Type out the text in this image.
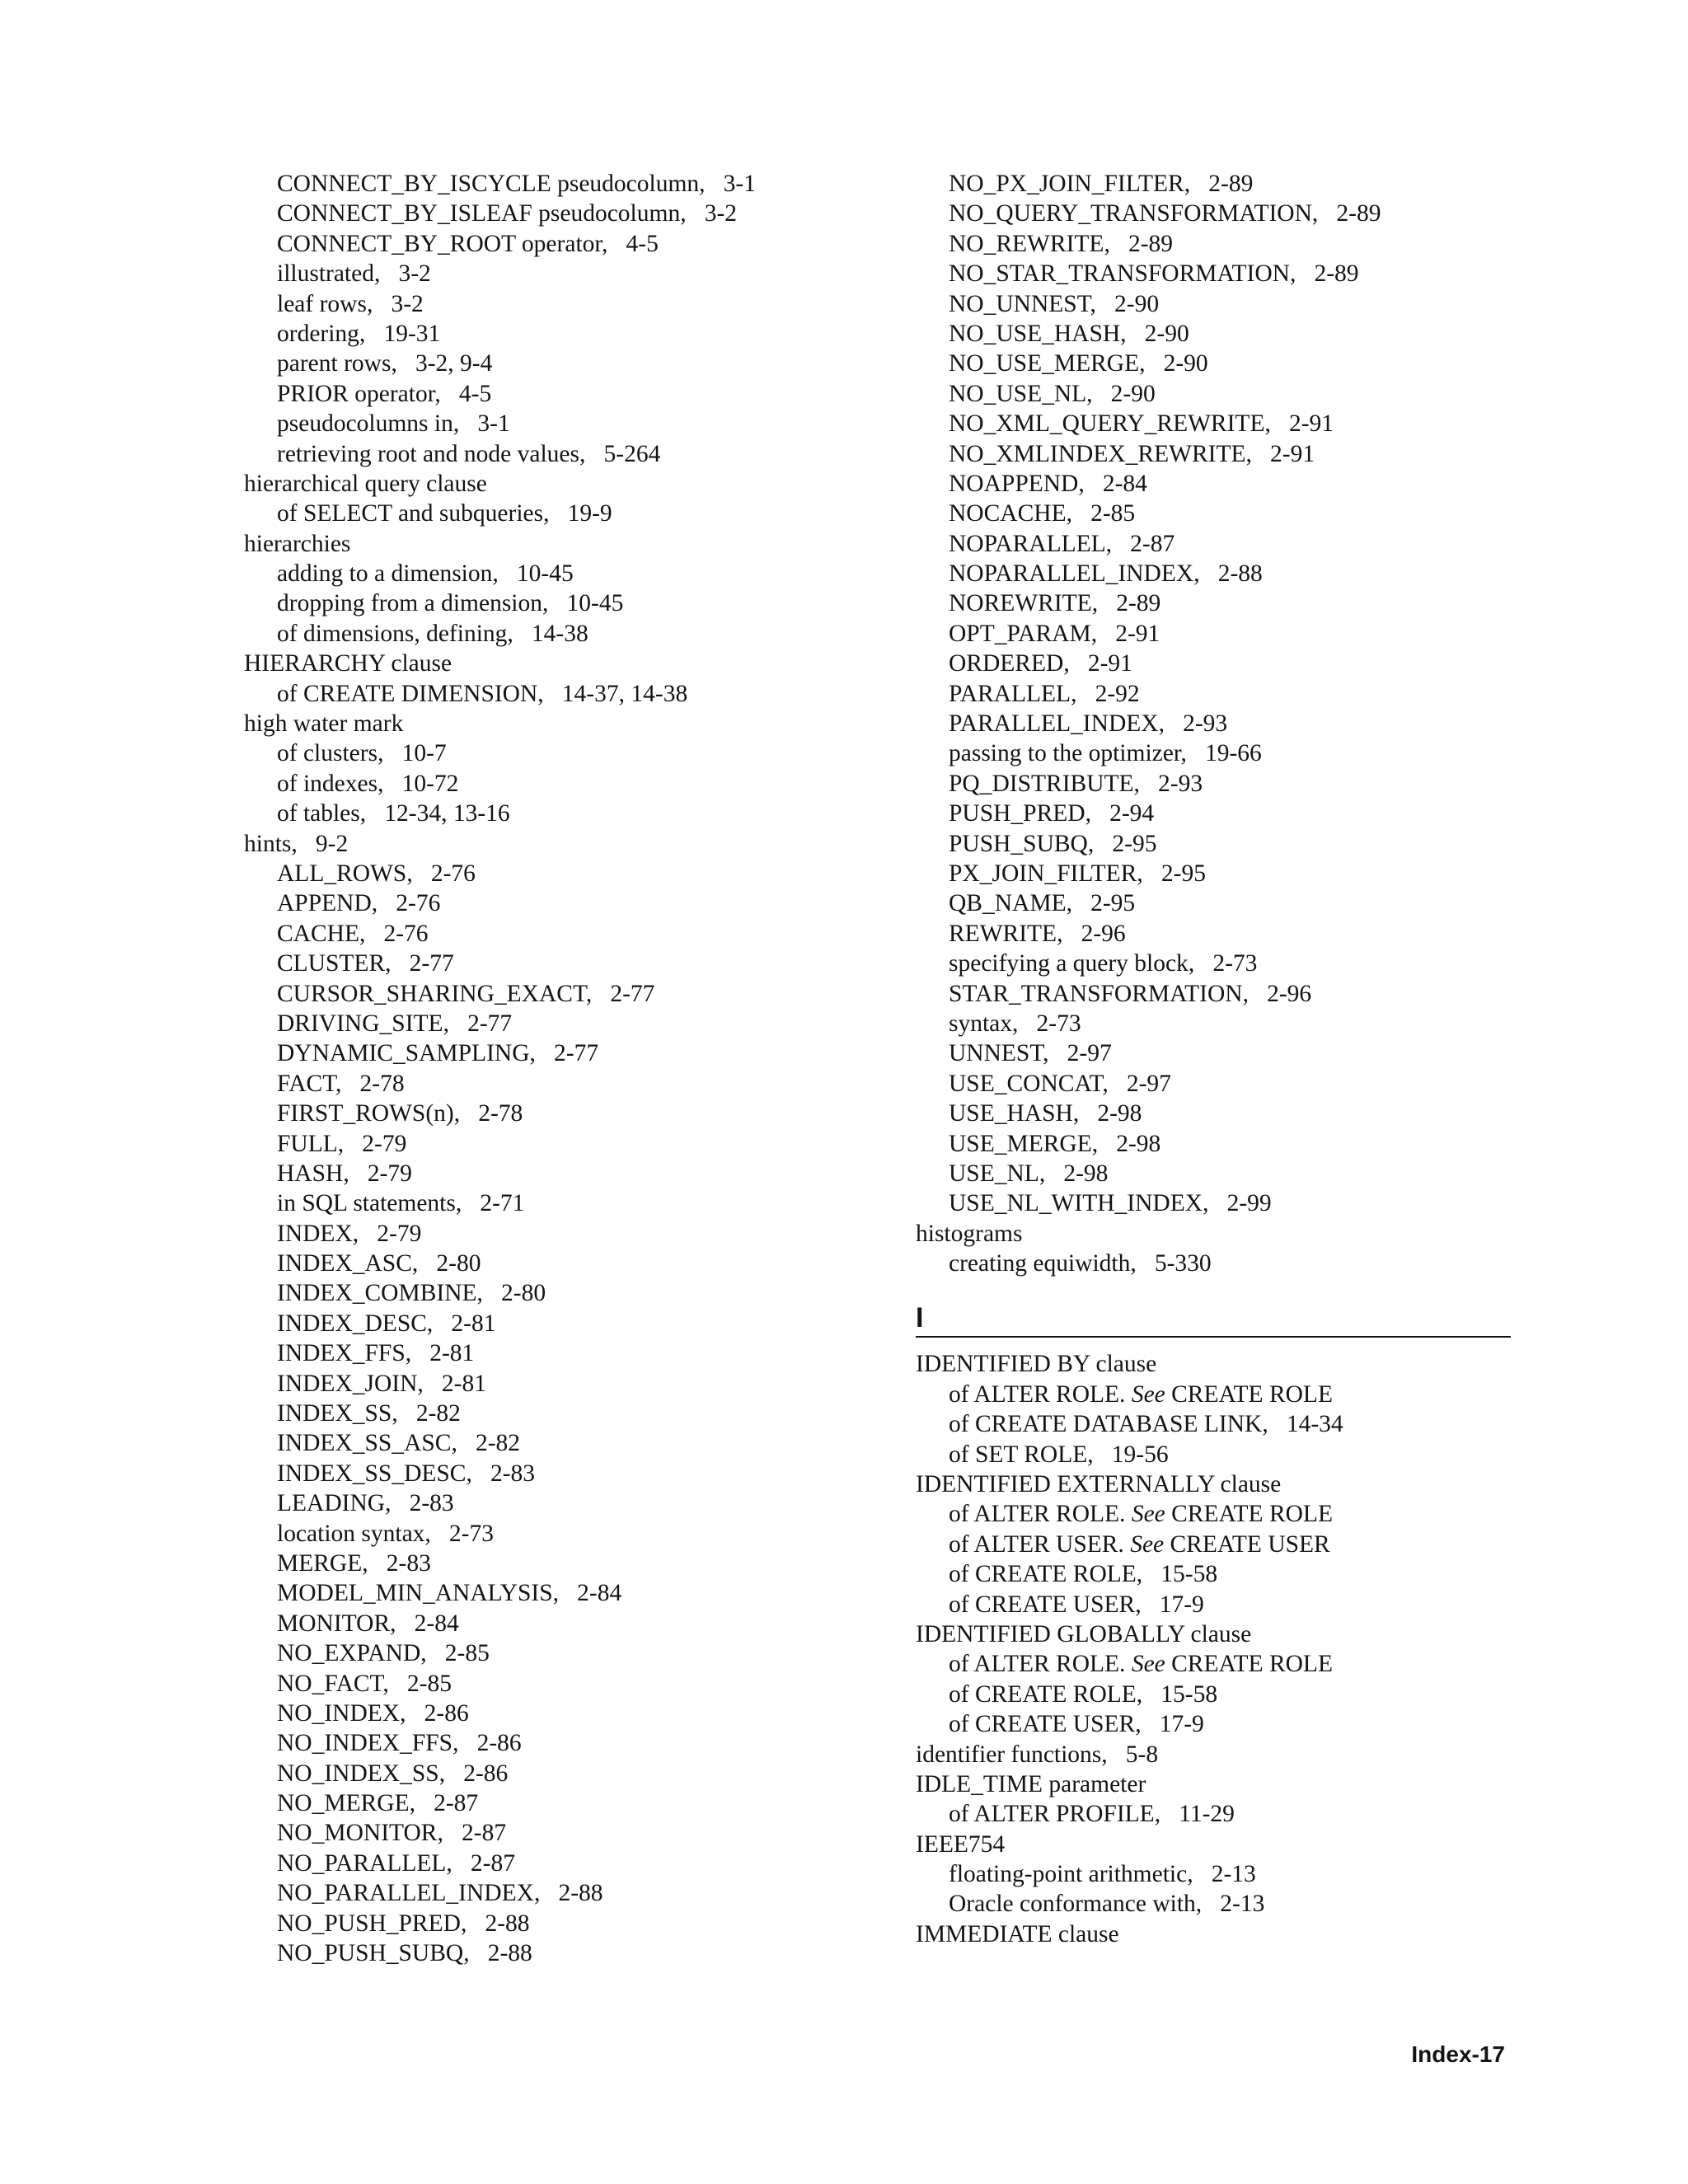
CONNECT_BY_ISCYCLE pseudocolumn ,   3-1
CONNECT_BY_ISLEAF pseudocolumn ,   3-2
CONNECT_BY_ROOT operator ,   4-5
illustrated ,   3-2
leaf rows ,   3-2
ordering ,   19-31
parent rows ,   3-2, 9-4
PRIOR operator ,   4-5
pseudocolumns in ,   3-1
retrieving root and node values ,   5-264
hierarchical query clause
of SELECT and subqueries ,   19-9
hierarchies
adding to a dimension ,   10-45
dropping from a dimension ,   10-45
of dimensions, defining ,   14-38
HIERARCHY clause
of CREATE DIMENSION ,   14-37, 14-38
high water mark
of clusters ,   10-7
of indexes ,   10-72
of tables ,   12-34, 13-16
hints ,   9-2
ALL_ROWS ,   2-76
APPEND ,   2-76
CACHE ,   2-76
CLUSTER ,   2-77
CURSOR_SHARING_EXACT ,   2-77
DRIVING_SITE ,   2-77
DYNAMIC_SAMPLING ,   2-77
FACT ,   2-78
FIRST_ROWS(n) ,   2-78
FULL ,   2-79
HASH ,   2-79
in SQL statements ,   2-71
INDEX ,   2-79
INDEX_ASC ,   2-80
INDEX_COMBINE ,   2-80
INDEX_DESC ,   2-81
INDEX_FFS ,   2-81
INDEX_JOIN ,   2-81
INDEX_SS ,   2-82
INDEX_SS_ASC ,   2-82
INDEX_SS_DESC ,   2-83
LEADING ,   2-83
location syntax ,   2-73
MERGE ,   2-83
MODEL_MIN_ANALYSIS ,   2-84
MONITOR ,   2-84
NO_EXPAND ,   2-85
NO_FACT ,   2-85
NO_INDEX ,   2-86
NO_INDEX_FFS ,   2-86
NO_INDEX_SS ,   2-86
NO_MERGE ,   2-87
NO_MONITOR ,   2-87
NO_PARALLEL ,   2-87
NO_PARALLEL_INDEX ,   2-88
NO_PUSH_PRED ,   2-88
NO_PUSH_SUBQ ,   2-88
NO_PX_JOIN_FILTER ,   2-89
NO_QUERY_TRANSFORMATION ,   2-89
NO_REWRITE ,   2-89
NO_STAR_TRANSFORMATION ,   2-89
NO_UNNEST ,   2-90
NO_USE_HASH ,   2-90
NO_USE_MERGE ,   2-90
NO_USE_NL ,   2-90
NO_XML_QUERY_REWRITE ,   2-91
NO_XMLINDEX_REWRITE ,   2-91
NOAPPEND ,   2-84
NOCACHE ,   2-85
NOPARALLEL ,   2-87
NOPARALLEL_INDEX ,   2-88
NOREWRITE ,   2-89
OPT_PARAM ,   2-91
ORDERED ,   2-91
PARALLEL ,   2-92
PARALLEL_INDEX ,   2-93
passing to the optimizer ,   19-66
PQ_DISTRIBUTE ,   2-93
PUSH_PRED ,   2-94
PUSH_SUBQ ,   2-95
PX_JOIN_FILTER ,   2-95
QB_NAME ,   2-95
REWRITE ,   2-96
specifying a query block ,   2-73
STAR_TRANSFORMATION ,   2-96
syntax ,   2-73
UNNEST ,   2-97
USE_CONCAT ,   2-97
USE_HASH ,   2-98
USE_MERGE ,   2-98
USE_NL ,   2-98
USE_NL_WITH_INDEX ,   2-99
histograms
creating equiwidth ,   5-330
I
IDENTIFIED BY clause
of ALTER ROLE. See CREATE ROLE
of CREATE DATABASE LINK ,   14-34
of SET ROLE ,   19-56
IDENTIFIED EXTERNALLY clause
of ALTER ROLE. See CREATE ROLE
of ALTER USER. See CREATE USER
of CREATE ROLE ,   15-58
of CREATE USER ,   17-9
IDENTIFIED GLOBALLY clause
of ALTER ROLE. See CREATE ROLE
of CREATE ROLE ,   15-58
of CREATE USER ,   17-9
identifier functions ,   5-8
IDLE_TIME parameter
of ALTER PROFILE ,   11-29
IEEE754
floating-point arithmetic ,   2-13
Oracle conformance with ,   2-13
IMMEDIATE clause
Index-17
